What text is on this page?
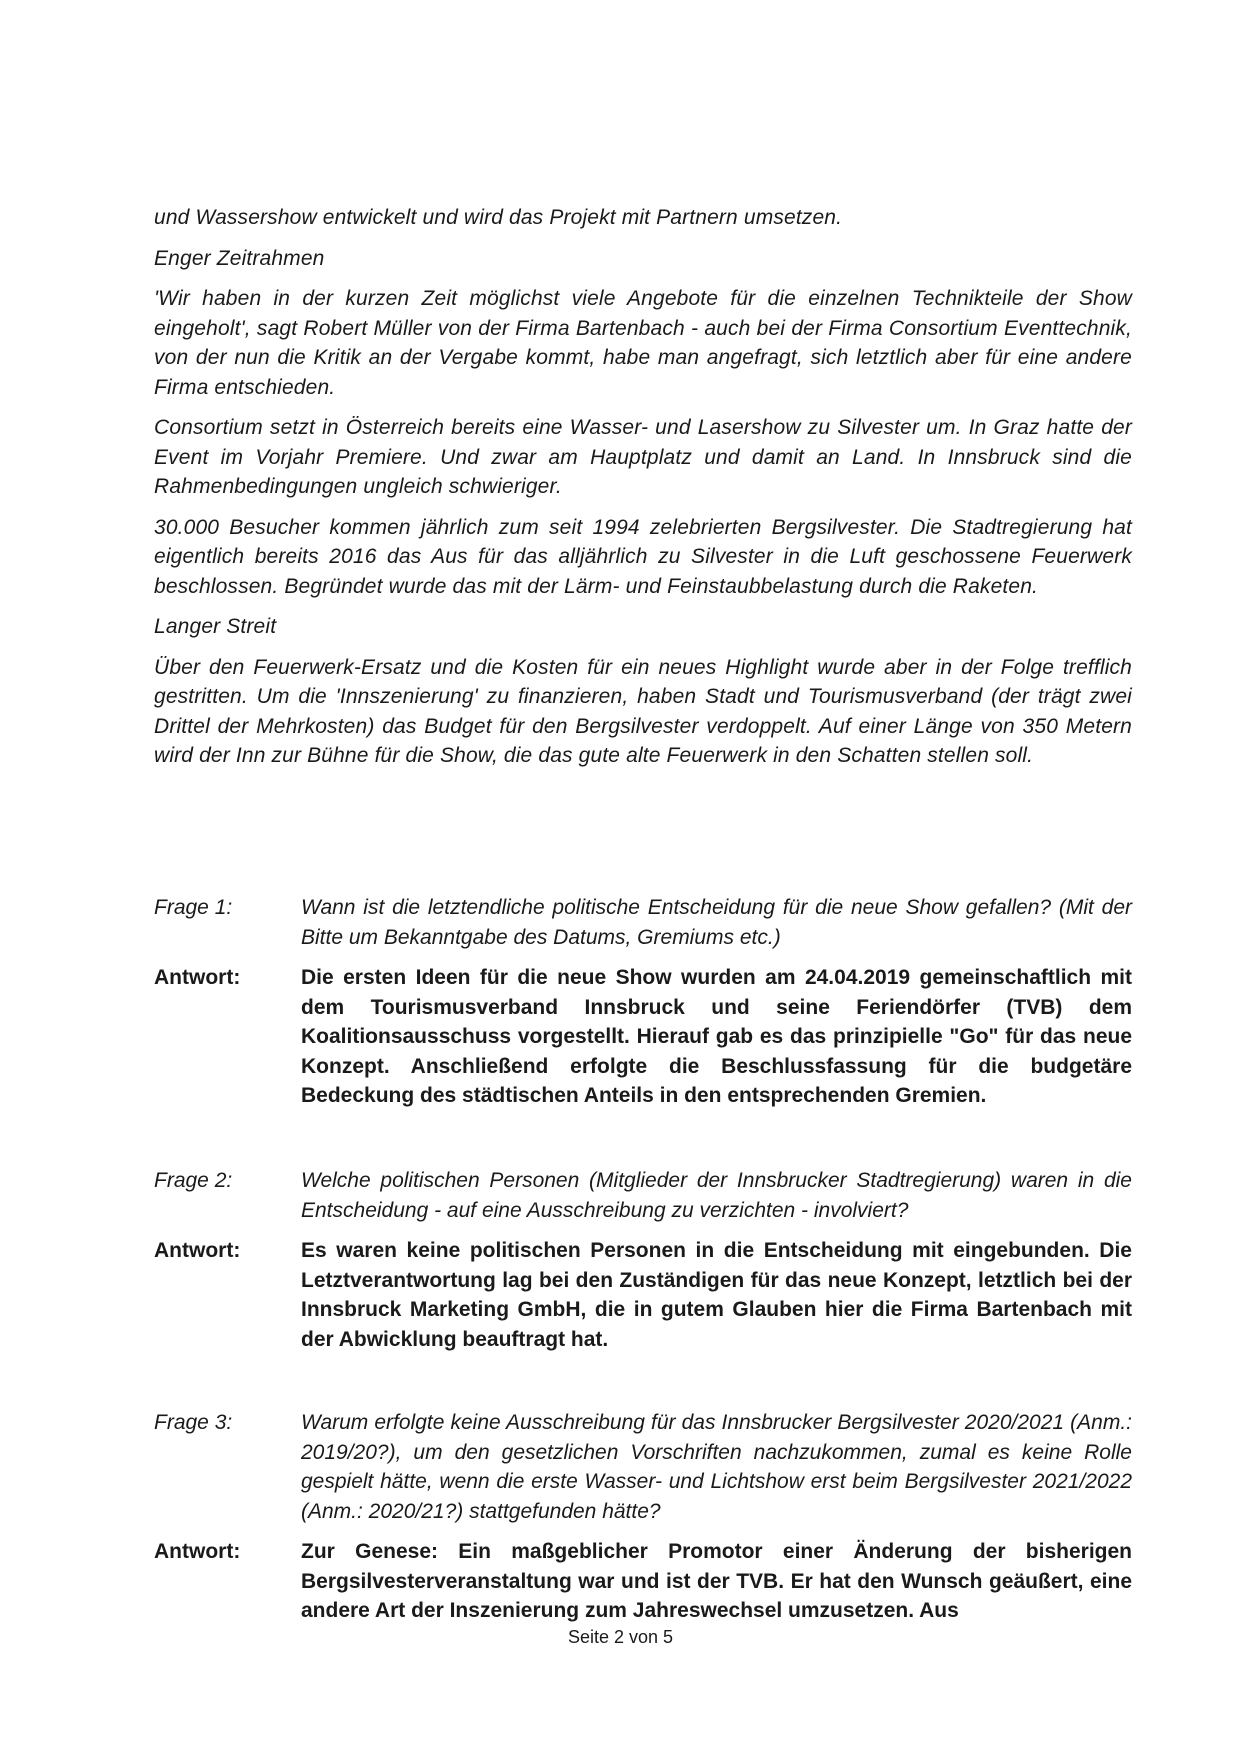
und Wassershow entwickelt und wird das Projekt mit Partnern umsetzen.

Enger Zeitrahmen

'Wir haben in der kurzen Zeit möglichst viele Angebote für die einzelnen Technikteile der Show eingeholt', sagt Robert Müller von der Firma Bartenbach - auch bei der Firma Consortium Eventtechnik, von der nun die Kritik an der Vergabe kommt, habe man angefragt, sich letztlich aber für eine andere Firma entschieden.

Consortium setzt in Österreich bereits eine Wasser- und Lasershow zu Silvester um. In Graz hatte der Event im Vorjahr Premiere. Und zwar am Hauptplatz und damit an Land. In Innsbruck sind die Rahmenbedingungen ungleich schwieriger.

30.000 Besucher kommen jährlich zum seit 1994 zelebrierten Bergsilvester. Die Stadtregierung hat eigentlich bereits 2016 das Aus für das alljährlich zu Silvester in die Luft geschossene Feuerwerk beschlossen. Begründet wurde das mit der Lärm- und Feinstaubbelastung durch die Raketen.

Langer Streit

Über den Feuerwerk-Ersatz und die Kosten für ein neues Highlight wurde aber in der Folge trefflich gestritten. Um die 'Innszenierung' zu finanzieren, haben Stadt und Tourismusverband (der trägt zwei Drittel der Mehrkosten) das Budget für den Bergsilvester verdoppelt. Auf einer Länge von 350 Metern wird der Inn zur Bühne für die Show, die das gute alte Feuerwerk in den Schatten stellen soll.

Frage 1:	Wann ist die letztendliche politische Entscheidung für die neue Show gefallen? (Mit der Bitte um Bekanntgabe des Datums, Gremiums etc.)
Antwort:	Die ersten Ideen für die neue Show wurden am 24.04.2019 gemeinschaftlich mit dem Tourismusverband Innsbruck und seine Feriendörfer (TVB) dem Koalitionsausschuss vorgestellt. Hierauf gab es das prinzipielle "Go" für das neue Konzept. Anschließend erfolgte die Beschlussfassung für die budgetäre Bedeckung des städtischen Anteils in den entsprechenden Gremien.
Frage 2:	Welche politischen Personen (Mitglieder der Innsbrucker Stadtregierung) waren in die Entscheidung - auf eine Ausschreibung zu verzichten - involviert?
Antwort:	Es waren keine politischen Personen in die Entscheidung mit eingebunden. Die Letztverantwortung lag bei den Zuständigen für das neue Konzept, letztlich bei der Innsbruck Marketing GmbH, die in gutem Glauben hier die Firma Bartenbach mit der Abwicklung beauftragt hat.
Frage 3:	Warum erfolgte keine Ausschreibung für das Innsbrucker Bergsilvester 2020/2021 (Anm.: 2019/20?), um den gesetzlichen Vorschriften nachzukommen, zumal es keine Rolle gespielt hätte, wenn die erste Wasser- und Lichtshow erst beim Bergsilvester 2021/2022 (Anm.: 2020/21?) stattgefunden hätte?
Antwort:	Zur Genese: Ein maßgeblicher Promotor einer Änderung der bisherigen Bergsilvesterveranstaltung war und ist der TVB. Er hat den Wunsch geäußert, eine andere Art der Inszenierung zum Jahreswechsel umzusetzen. Aus
Seite 2 von 5
